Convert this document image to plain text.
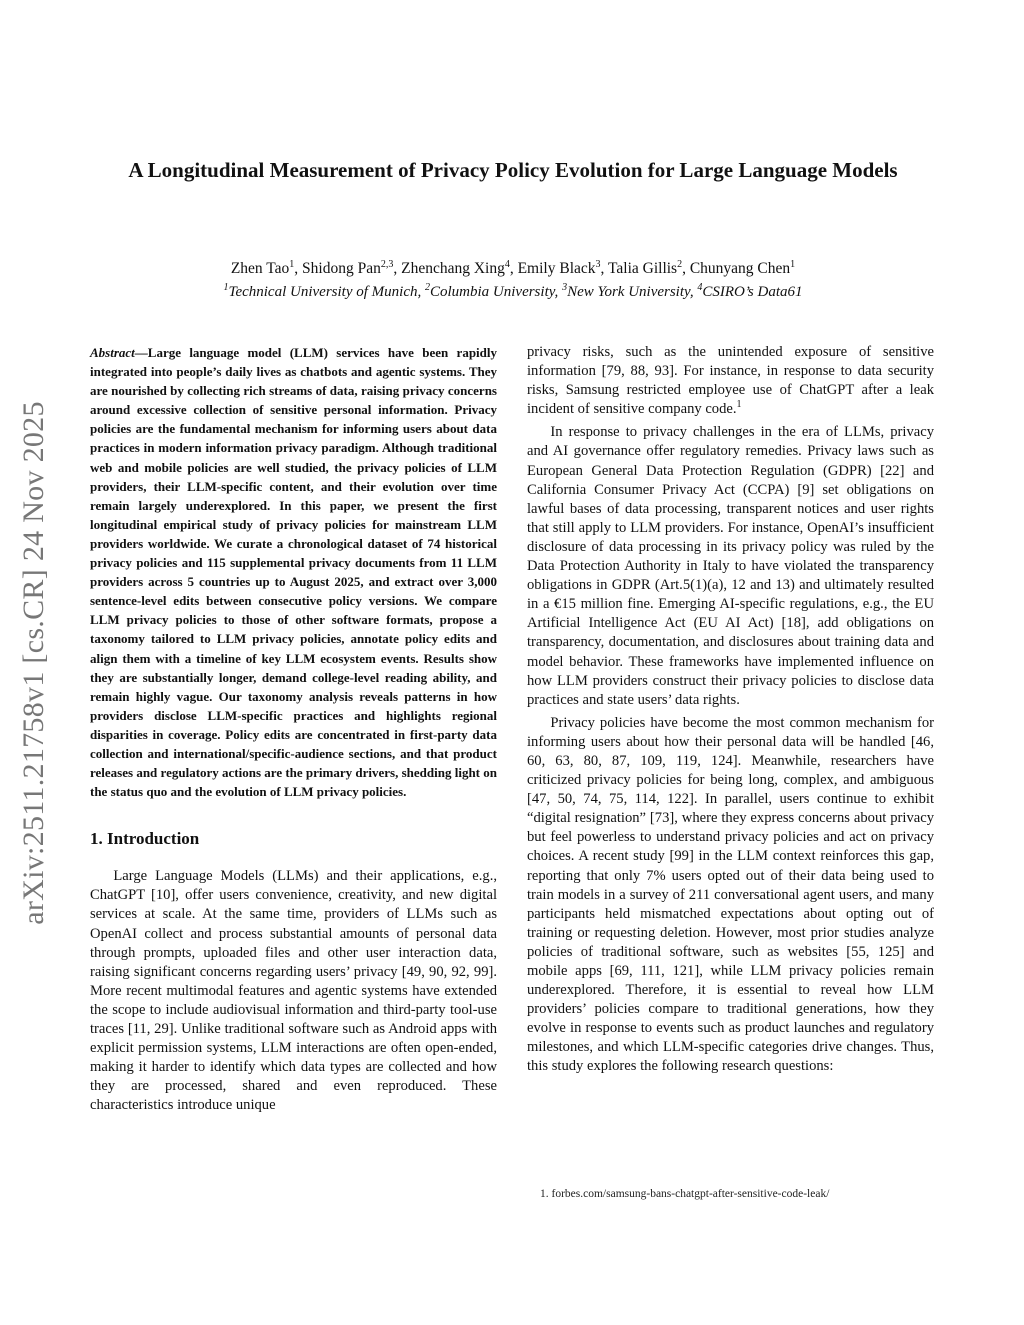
arXiv:2511.21758v1 [cs.CR] 24 Nov 2025
A Longitudinal Measurement of Privacy Policy Evolution for Large Language Models
Zhen Tao$^1$, Shidong Pan$^{2,3}$, Zhenchang Xing$^4$, Emily Black$^3$, Talia Gillis$^2$, Chunyang Chen$^1$
$^1$Technical University of Munich, $^2$Columbia University, $^3$New York University, $^4$CSIRO’s Data61

Abstract—Large language model (LLM) services have been rapidly integrated into people’s daily lives as chatbots and agentic systems. They are nourished by collecting rich streams of data, raising privacy concerns around excessive collection of sensitive personal information. Privacy policies are the fundamental mechanism for informing users about data practices in modern information privacy paradigm. Although traditional web and mobile policies are well studied, the privacy policies of LLM providers, their LLM-specific content, and their evolution over time remain largely underexplored. In this paper, we present the first longitudinal empirical study of privacy policies for mainstream LLM providers worldwide. We curate a chronological dataset of 74 historical privacy policies and 115 supplemental privacy documents from 11 LLM providers across 5 countries up to August 2025, and extract over 3,000 sentence-level edits between consecutive policy versions. We compare LLM privacy policies to those of other software formats, propose a taxonomy tailored to LLM privacy policies, annotate policy edits and align them with a timeline of key LLM ecosystem events. Results show they are substantially longer, demand college-level reading ability, and remain highly vague. Our taxonomy analysis reveals patterns in how providers disclose LLM-specific practices and highlights regional disparities in coverage. Policy edits are concentrated in first-party data collection and international/specific-audience sections, and that product releases and regulatory actions are the primary drivers, shedding light on the status quo and the evolution of LLM privacy policies.

1. Introduction

Large Language Models (LLMs) and their applications, e.g., ChatGPT [10], offer users convenience, creativity, and new digital services at scale. At the same time, providers of LLMs such as OpenAI collect and process substantial amounts of personal data through prompts, uploaded files and other user interaction data, raising significant concerns regarding users’ privacy [49, 90, 92, 99]. More recent multimodal features and agentic systems have extended the scope to include audiovisual information and third-party tool-use traces [11, 29]. Unlike traditional software such as Android apps with explicit permission systems, LLM interactions are often open-ended, making it harder to identify which data types are collected and how they are processed, shared and even reproduced. These characteristics introduce unique

privacy risks, such as the unintended exposure of sensitive information [79, 88, 93]. For instance, in response to data security risks, Samsung restricted employee use of ChatGPT after a leak incident of sensitive company code.$^1$

In response to privacy challenges in the era of LLMs, privacy and AI governance offer regulatory remedies. Privacy laws such as European General Data Protection Regulation (GDPR) [22] and California Consumer Privacy Act (CCPA) [9] set obligations on lawful bases of data processing, transparent notices and user rights that still apply to LLM providers. For instance, OpenAI’s insufficient disclosure of data processing in its privacy policy was ruled by the Data Protection Authority in Italy to have violated the transparency obligations in GDPR (Art.5(1)(a), 12 and 13) and ultimately resulted in a €15 million fine. Emerging AI-specific regulations, e.g., the EU Artificial Intelligence Act (EU AI Act) [18], add obligations on transparency, documentation, and disclosures about training data and model behavior. These frameworks have implemented influence on how LLM providers construct their privacy policies to disclose data practices and state users’ data rights.

Privacy policies have become the most common mechanism for informing users about how their personal data will be handled [46, 60, 63, 80, 87, 109, 119, 124]. Meanwhile, researchers have criticized privacy policies for being long, complex, and ambiguous [47, 50, 74, 75, 114, 122]. In parallel, users continue to exhibit “digital resignation” [73], where they express concerns about privacy but feel powerless to understand privacy policies and act on privacy choices. A recent study [99] in the LLM context reinforces this gap, reporting that only 7% users opted out of their data being used to train models in a survey of 211 conversational agent users, and many participants held mismatched expectations about opting out of training or requesting deletion. However, most prior studies analyze policies of traditional software, such as websites [55, 125] and mobile apps [69, 111, 121], while LLM privacy policies remain underexplored. Therefore, it is essential to reveal how LLM providers’ policies compare to traditional generations, how they evolve in response to events such as product launches and regulatory milestones, and which LLM-specific categories drive changes. Thus, this study explores the following research questions:

1. forbes.com/samsung-bans-chatgpt-after-sensitive-code-leak/
